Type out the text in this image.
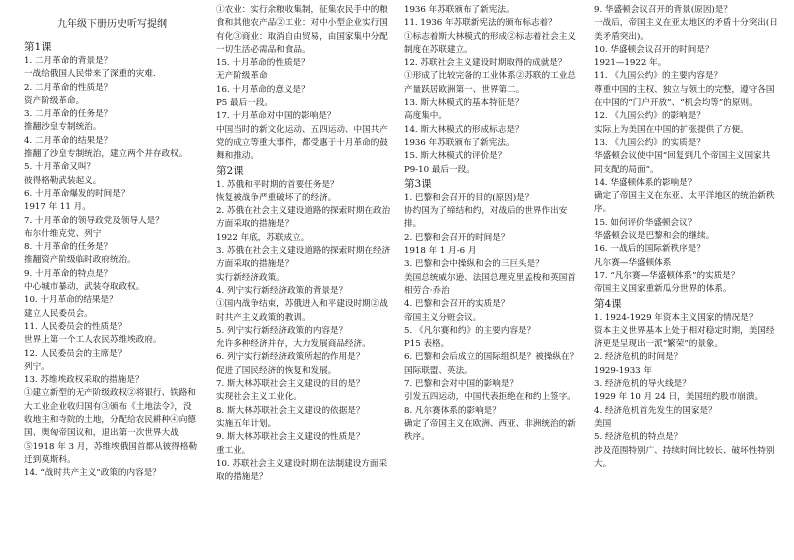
九年级下册历史听写提纲
第1课
1. 二月革命的背景是？
一战给俄国人民带来了深重的灾难.
2. 二月革命的性质是？
资产阶级革命。
3. 二月革命的任务是？
推翻沙皇专制统治。
4. 二月革命的结果是？
推翻了沙皇专制统治，建立两个并存政权。
5. 十月革命又叫？
彼得格勒武装起义。
6. 十月革命爆发的时间是？
1917 年 11 月。
7. 十月革命的领导政党及领导人是？
布尔什维克党、列宁
8. 十月革命的任务是？
推翻资产阶级临时政府统治。
9. 十月革命的特点是？
中心城市暴动，武装夺取政权。
10. 十月革命的结果是？
建立人民委员会。
11. 人民委员会的性质是？
世界上第一个工人农民苏维埃政府。
12. 人民委员会的主席是？
列宁。
13. 苏维埃政权采取的措施是？
①建立新型的无产阶级政权②将银行、铁路和大工业企业收归国有③颁布《土地法令》，没收地主和寺院的土地，分配给农民耕种④向德国、奥匈帝国议和，退出第一次世界大战⑤1918 年 3 月，苏维埃俄国首都从彼得格勒迁到莫斯科。
14. “战时共产主义”政策的内容是？
①农业：实行余粮收集制，征集农民手中的粮食和其他农产品②工业：对中小型企业实行国有化③商业：取消自由贸易，由国家集中分配一切生活必需品和食品。
15. 十月革命的性质是？
无产阶级革命
16. 十月革命的意义是？
P5 最后一段。
17. 十月革命对中国的影响是？
中国当时的新文化运动、五四运动、中国共产党的成立等重大事件，都受惠于十月革命的鼓舞和推动。
第2课
1. 苏俄和平时期的首要任务是？
恢复被战争严重破坏了的经济。
2. 苏俄在社会主义建设道路的探索时期在政治方面采取的措施是？
1922 年底，苏联成立。
3. 苏俄在社会主义建设道路的探索时期在经济方面采取的措施是？
实行新经济政策。
4. 列宁实行新经济政策的背景是？
①国内战争结束，苏俄进入和平建设时期②战时共产主义政策的教训。
5. 列宁实行新经济政策的内容是？
允许多种经济并存，大力发展商品经济。
6. 列宁实行新经济政策所起的作用是？
促进了国民经济的恢复和发展。
7. 斯大林苏联社会主义建设的目的是？
实现社会主义工业化。
8. 斯大林苏联社会主义建设的依据是？
实施五年计划。
9. 斯大林苏联社会主义建设的性质是？
重工业。
10. 苏联社会主义建设时期在法制建设方面采取的措施是？
1936 年苏联颁布了新宪法。
11. 1936 年苏联新宪法的颁布标志着？
①标志着斯大林模式的形成②标志着社会主义制度在苏联建立。
12. 苏联社会主义建设时期取得的成就是？
①形成了比较完备的工业体系②苏联的工业总产量跃居欧洲第一、世界第二。
13. 斯大林模式的基本特征是？
高度集中。
14. 斯大林模式的形成标志是？
1936 年苏联颁布了新宪法。
15. 斯大林模式的评价是？
P9-10 最后一段。
第3课
1. 巴黎和会召开的目的(原因)是？
协约国为了缔结和约，对战后的世界作出安排。
2. 巴黎和会召开的时间是？
1918 年 1 月-6 月
3. 巴黎和会中操纵和会的三巨头是？
美国总统威尔逊、法国总理克里孟梭和英国首相劳合·乔治
4. 巴黎和会召开的实质是？
帝国主义分赃会议。
5. 《凡尔赛和约》的主要内容是？
P15 表格。
6. 巴黎和会后成立的国际组织是？被操纵在？
国际联盟、英法。
7. 巴黎和会对中国的影响是？
引发五四运动，中国代表拒绝在和约上签字。
8. 凡尔赛体系的影响是？
确定了帝国主义在欧洲、西亚、非洲统治的新秩序。
9. 华盛顿会议召开的背景(原因)是？
一战后，帝国主义在亚太地区的矛盾十分突出(日美矛盾突出)。
10. 华盛顿会议召开的时间是？
1921—1922 年。
11. 《九国公约》的主要内容是？
尊重中国的主权、独立与领土的完整，遵守各国在中国的“门户开放”、“机会均等”的原则。
12. 《九国公约》的影响是？
实际上为美国在中国的扩张提供了方便。
13. 《九国公约》的实质是？
华盛顿会议使中国“回复到几个帝国主义国家共同支配的局面”。
14. 华盛顿体系的影响是？
确定了帝国主义在东亚、太平洋地区的统治新秩序。
15. 如何评价华盛顿会议？
华盛顿会议是巴黎和会的继续。
16. 一战后的国际新秩序是？
凡尔赛—华盛顿体系
17. “凡尔赛—华盛顿体系”的实质是？
帝国主义国家重新瓜分世界的体系。
第4课
1. 1924-1929 年资本主义国家的情况是？
资本主义世界基本上处于相对稳定时期，美国经济更是呈现出一派“繁荣”的景象。
2. 经济危机的时间是？
1929-1933 年
3. 经济危机的导火线是？
1929 年 10 月 24 日，美国纽约股市崩溃。
4. 经济危机首先发生的国家是？
美国
5. 经济危机的特点是？
涉及范围特别广、持续时间比较长、破坏性特别大。
